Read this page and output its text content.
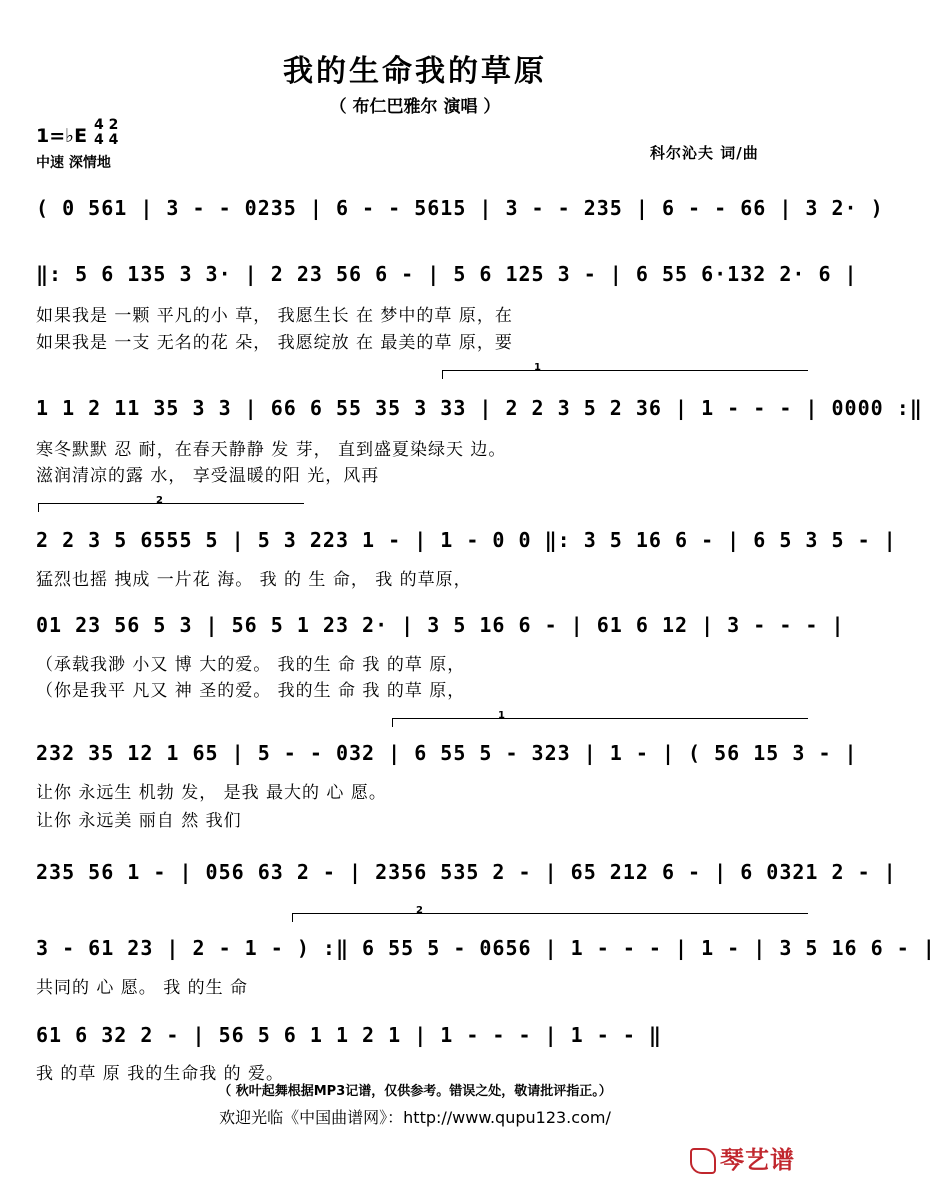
我的生命我的草原
（ 布仁巴雅尔 演唱 ）
1=♭E 4 2
4 4
中速 深情地
科尔沁夫 词/曲
( 0 561 | 3 - - 0235 | 6 - - 5615 | 3 - - 235 | 6 - - 66 | 3 2· )
‖: 5 6 135 3 3· | 2 23 56 6 - | 5 6 125 3 - | 6 55 6·132 2· 6 |
如果我是 一颗 平凡的小 草， 我愿生长 在 梦中的草 原，在
如果我是 一支 无名的花 朵， 我愿绽放 在 最美的草 原，要
1
1 1 2 11 35 3 3 | 66 6 55 35 3 33 | 2 2 3 5 2 36 | 1 - - - | 0000 :‖
寒冬默默 忍 耐，在春天静静 发 芽， 直到盛夏染绿天 边。
滋润清凉的露 水， 享受温暖的阳 光，风再
2
2 2 3 5 6555 5 | 5 3 223 1 - | 1 - 0 0 ‖: 3 5 16 6 - | 6 5 3 5 - |
猛烈也摇 拽成 一片花 海。 我 的 生 命， 我 的草原，
01 23 56 5 3 | 56 5 1 23 2· | 3 5 16 6 - | 61 6 12 | 3 - - - |
（承载我渺 小又 博 大的爱。 我的生 命 我 的草 原，
（你是我平 凡又 神 圣的爱。 我的生 命 我 的草 原，
1
232 35 12 1 65 | 5 - - 032 | 6 55 5 - 323 | 1 - | ( 56 15 3 - |
让你 永远生 机勃 发， 是我 最大的 心 愿。
让你 永远美 丽自 然 我们
235 56 1 - | 056 63 2 - | 2356 535 2 - | 65 212 6 - | 6 0321 2 - |
2
3 - 61 23 | 2 - 1 - ) :‖ 6 55 5 - 0656 | 1 - - - | 1 - | 3 5 16 6 - |
共同的 心 愿。 我 的生 命
61 6 32 2 - | 56 5 6 1 1 2 1 | 1 - - - | 1 - - ‖
我 的草 原 我的生命我 的 爱。
（ 秋叶起舞根据MP3记谱，仅供参考。错误之处，敬请批评指正。）
欢迎光临《中国曲谱网》：http://www.qupu123.com/
琴艺谱
